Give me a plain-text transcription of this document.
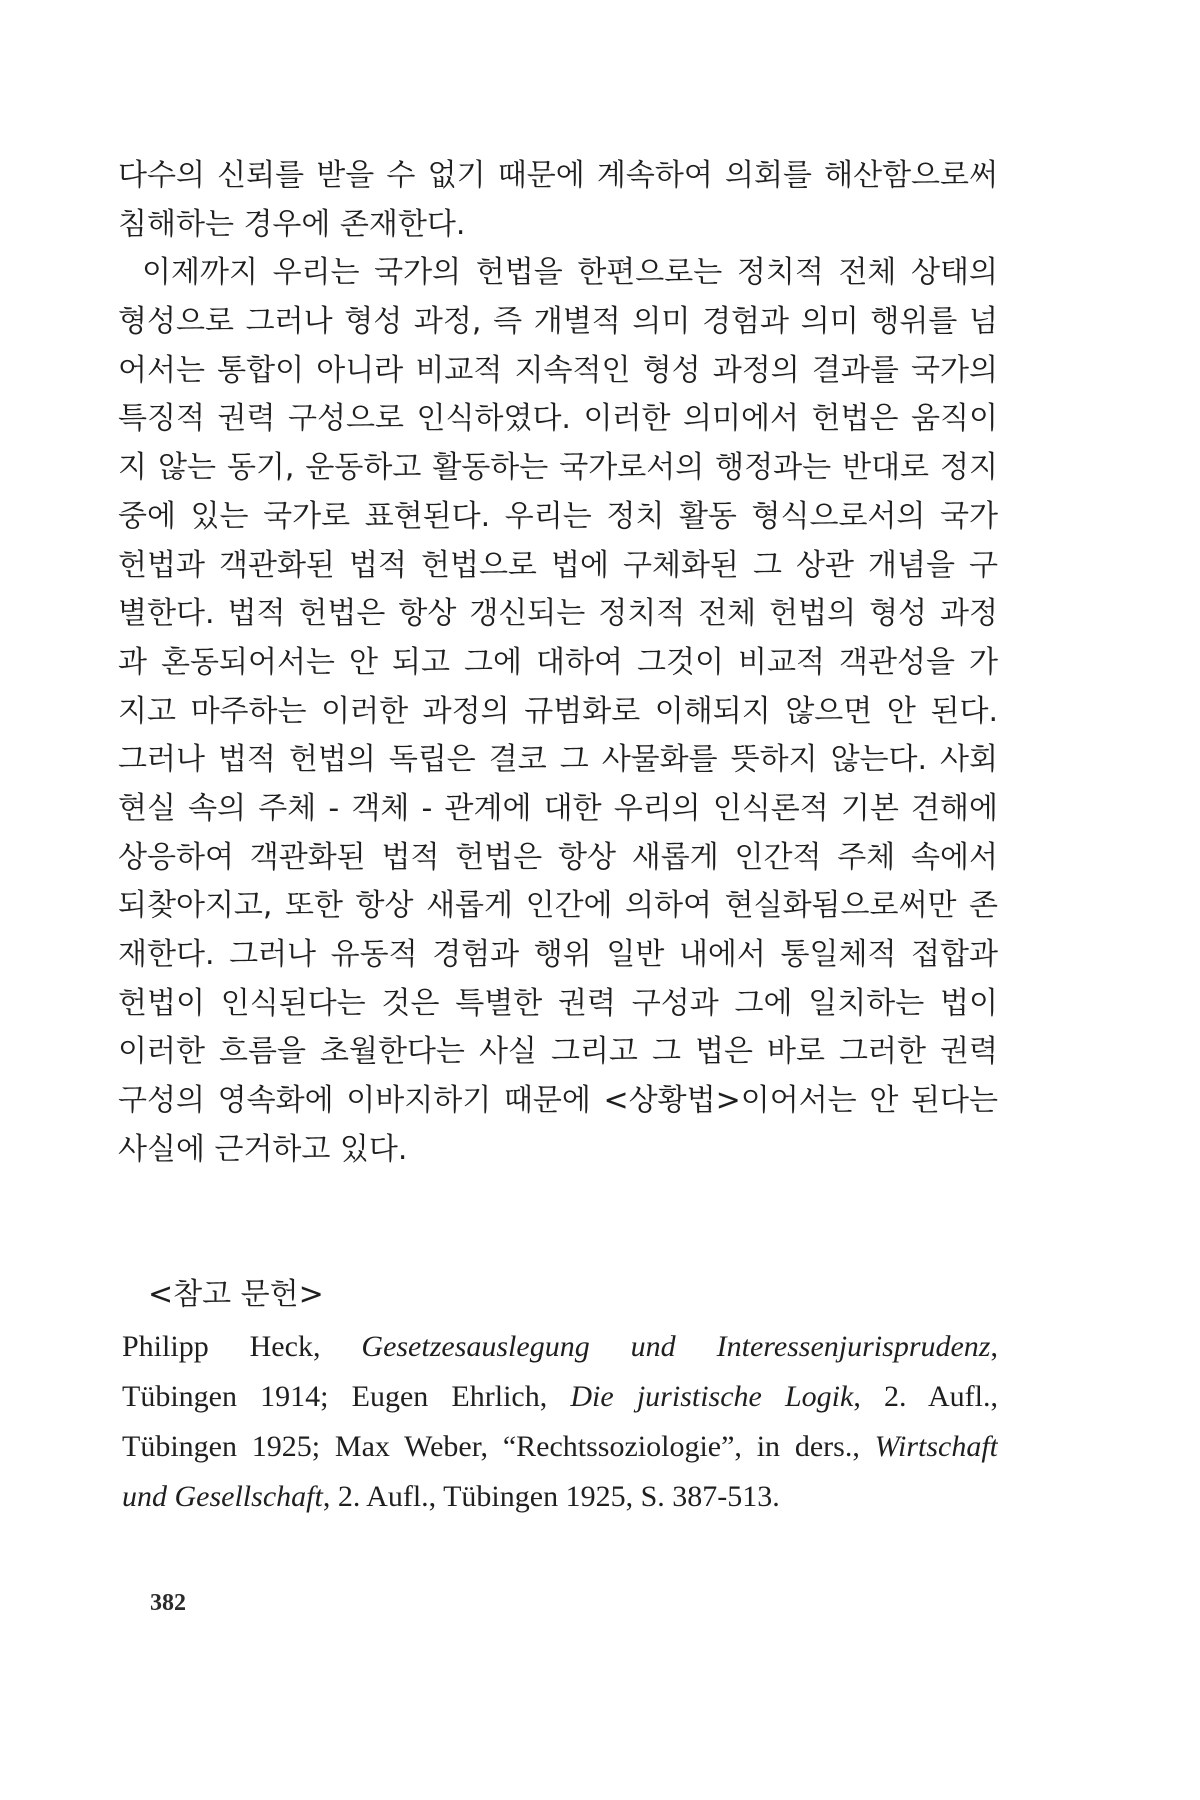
다수의 신뢰를 받을 수 없기 때문에 계속하여 의회를 해산함으로써

침해하는 경우에 존재한다.

이제까지 우리는 국가의 헌법을 한편으로는 정치적 전체 상태의

형성으로 그러나 형성 과정, 즉 개별적 의미 경험과 의미 행위를 넘

어서는 통합이 아니라 비교적 지속적인 형성 과정의 결과를 국가의

특징적 권력 구성으로 인식하였다. 이러한 의미에서 헌법은 움직이

지 않는 동기, 운동하고 활동하는 국가로서의 행정과는 반대로 정지

중에 있는 국가로 표현된다. 우리는 정치 활동 형식으로서의 국가

헌법과 객관화된 법적 헌법으로 법에 구체화된 그 상관 개념을 구

별한다. 법적 헌법은 항상 갱신되는 정치적 전체 헌법의 형성 과정

과 혼동되어서는 안 되고 그에 대하여 그것이 비교적 객관성을 가

지고 마주하는 이러한 과정의 규범화로 이해되지 않으면 안 된다.

그러나 법적 헌법의 독립은 결코 그 사물화를 뜻하지 않는다. 사회

현실 속의 주체 - 객체 - 관계에 대한 우리의 인식론적 기본 견해에

상응하여 객관화된 법적 헌법은 항상 새롭게 인간적 주체 속에서

되찾아지고, 또한 항상 새롭게 인간에 의하여 현실화됨으로써만 존

재한다. 그러나 유동적 경험과 행위 일반 내에서 통일체적 접합과

헌법이 인식된다는 것은 특별한 권력 구성과 그에 일치하는 법이

이러한 흐름을 초월한다는 사실 그리고 그 법은 바로 그러한 권력

구성의 영속화에 이바지하기 때문에 <상황법>이어서는 안 된다는

사실에 근거하고 있다.

<참고 문헌>

Philipp Heck, Gesetzesauslegung und Interessenjurisprudenz,

Tübingen 1914; Eugen Ehrlich, Die juristische Logik, 2. Aufl.,

Tübingen 1925; Max Weber, “Rechtssoziologie”, in ders., Wirtschaft

und Gesellschaft, 2. Aufl., Tübingen 1925, S. 387-513.

382
